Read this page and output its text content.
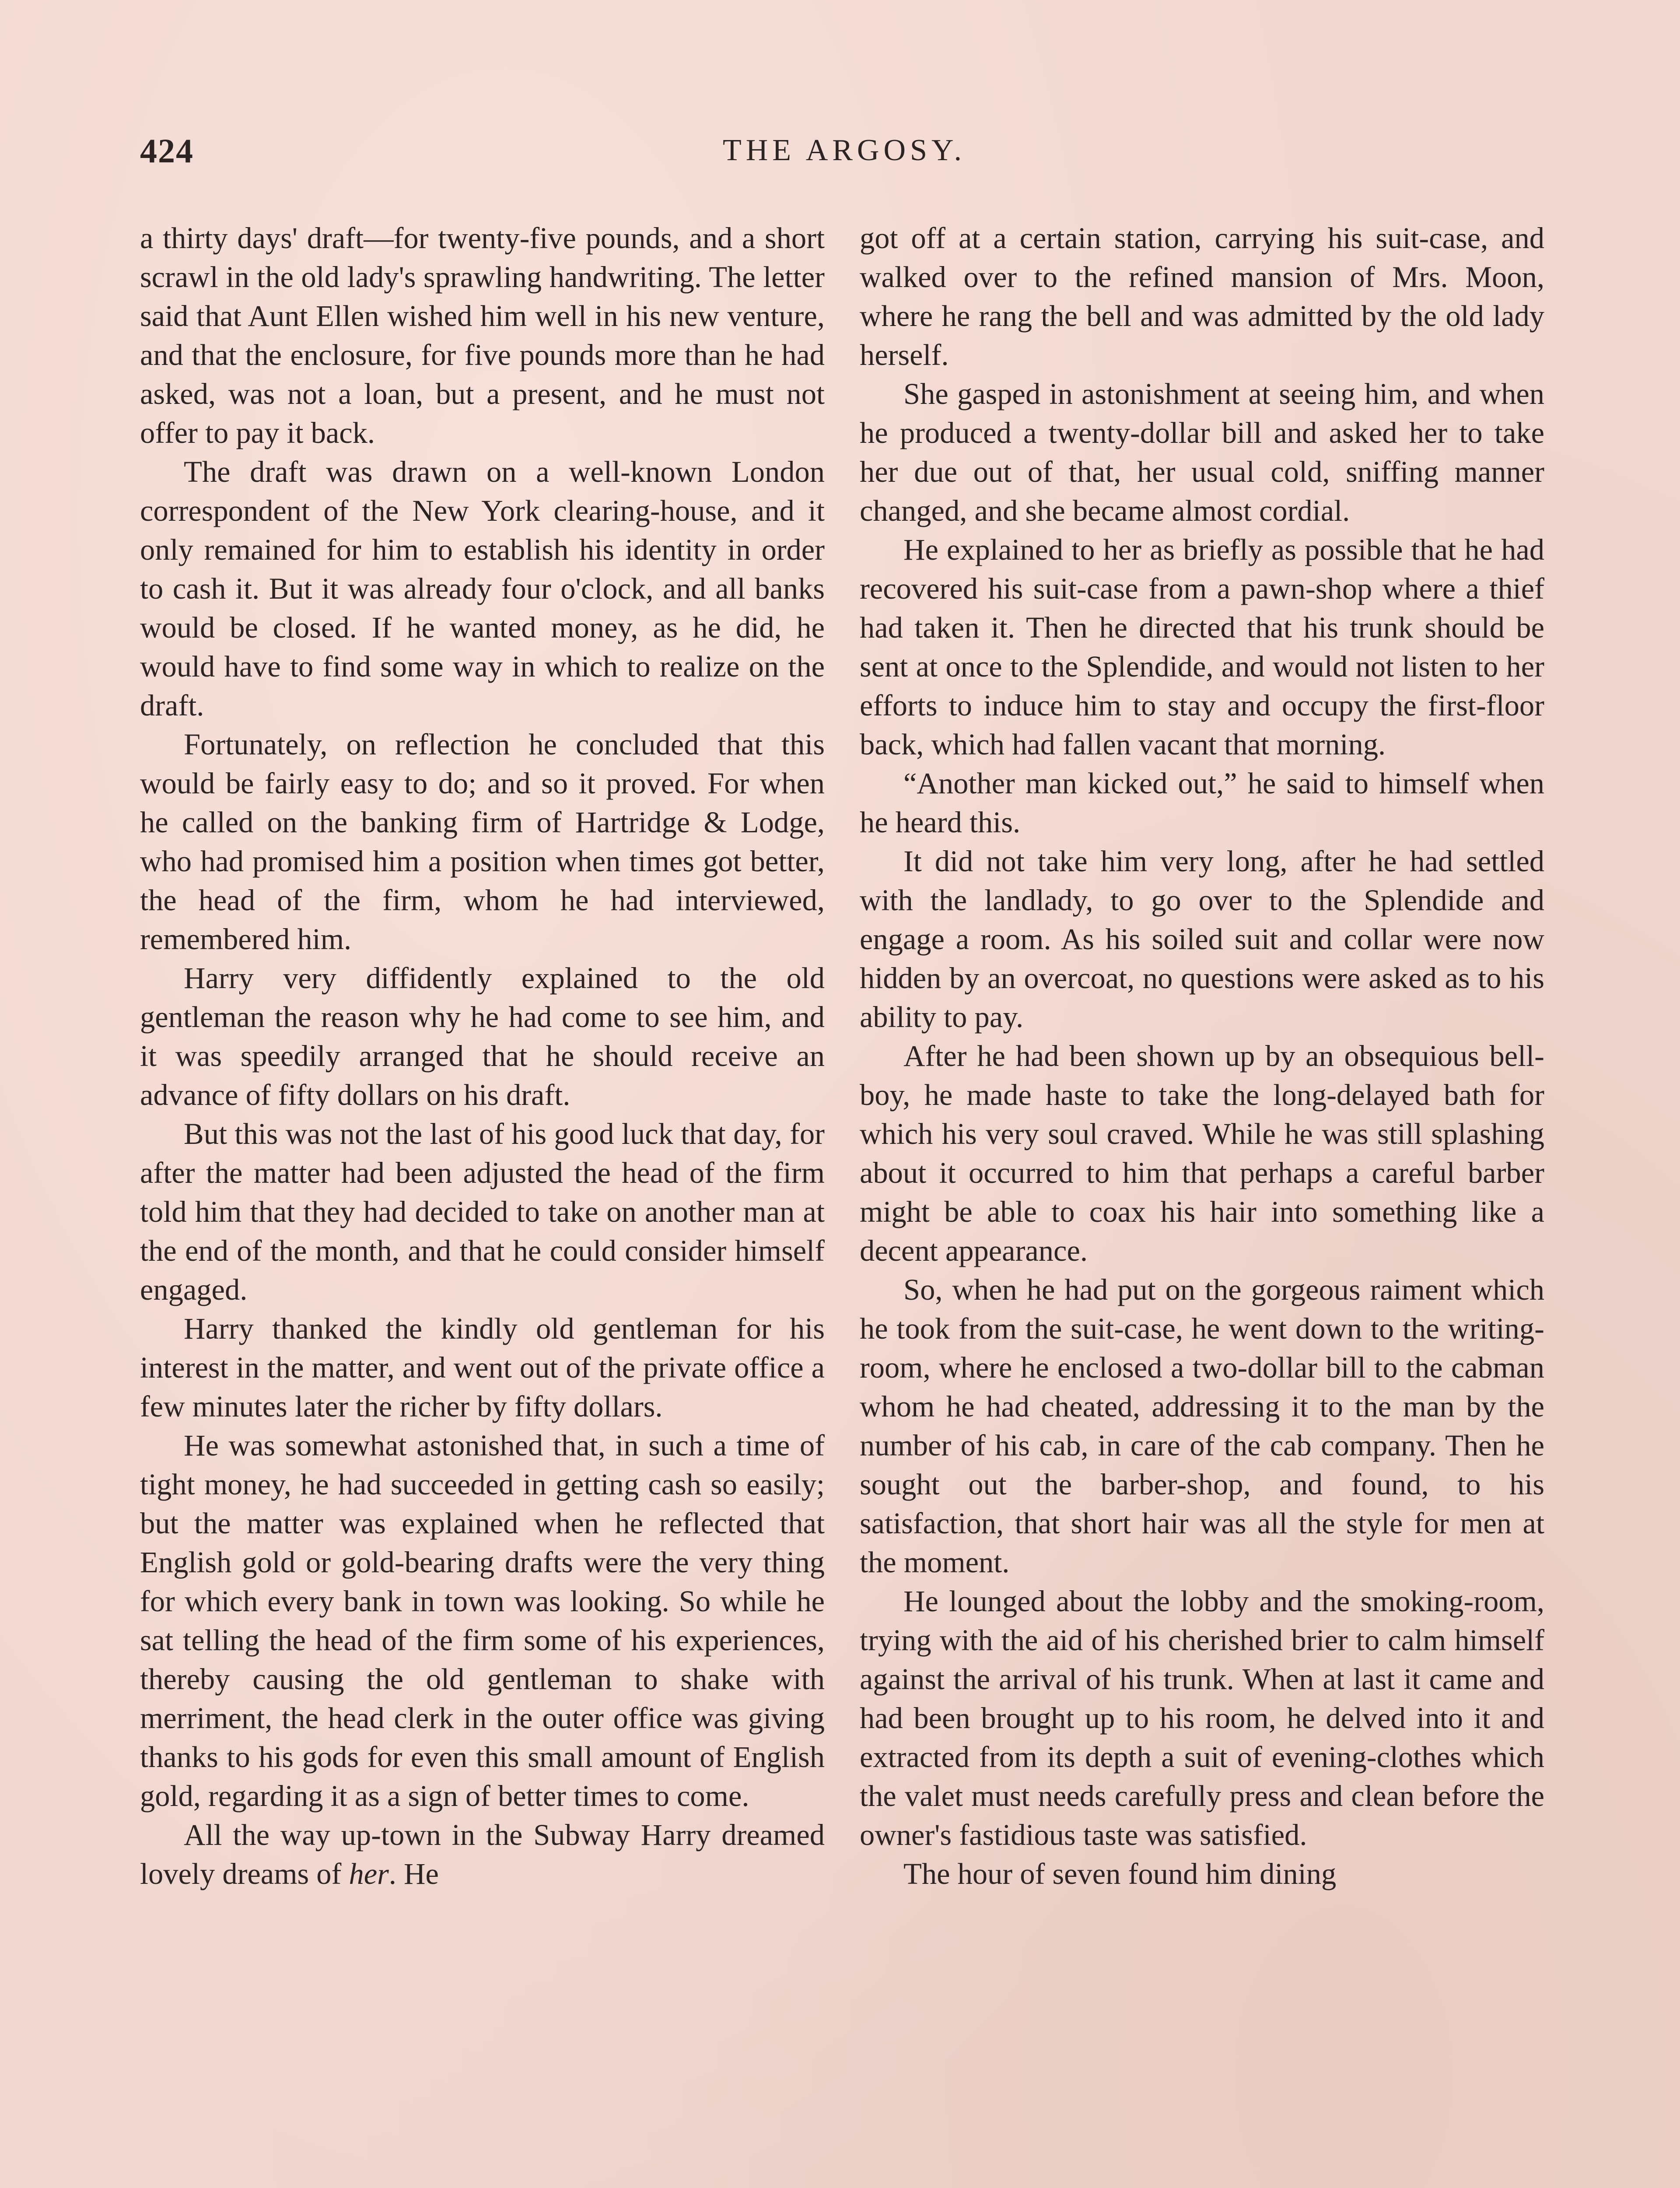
424	THE ARGOSY.

a thirty days' draft—for twenty-five pounds, and a short scrawl in the old lady's sprawling handwriting. The letter said that Aunt Ellen wished him well in his new venture, and that the enclosure, for five pounds more than he had asked, was not a loan, but a present, and he must not offer to pay it back.

The draft was drawn on a well-known London correspondent of the New York clearing-house, and it only remained for him to establish his identity in order to cash it. But it was already four o'clock, and all banks would be closed. If he wanted money, as he did, he would have to find some way in which to realize on the draft.

Fortunately, on reflection he concluded that this would be fairly easy to do; and so it proved. For when he called on the banking firm of Hartridge & Lodge, who had promised him a position when times got better, the head of the firm, whom he had interviewed, remembered him.

Harry very diffidently explained to the old gentleman the reason why he had come to see him, and it was speedily arranged that he should receive an advance of fifty dollars on his draft.

But this was not the last of his good luck that day, for after the matter had been adjusted the head of the firm told him that they had decided to take on another man at the end of the month, and that he could consider himself engaged.

Harry thanked the kindly old gentleman for his interest in the matter, and went out of the private office a few minutes later the richer by fifty dollars.

He was somewhat astonished that, in such a time of tight money, he had succeeded in getting cash so easily; but the matter was explained when he reflected that English gold or gold-bearing drafts were the very thing for which every bank in town was looking. So while he sat telling the head of the firm some of his experiences, thereby causing the old gentleman to shake with merriment, the head clerk in the outer office was giving thanks to his gods for even this small amount of English gold, regarding it as a sign of better times to come.

All the way up-town in the Subway Harry dreamed lovely dreams of her. He

got off at a certain station, carrying his suit-case, and walked over to the refined mansion of Mrs. Moon, where he rang the bell and was admitted by the old lady herself.

She gasped in astonishment at seeing him, and when he produced a twenty-dollar bill and asked her to take her due out of that, her usual cold, sniffing manner changed, and she became almost cordial.

He explained to her as briefly as possible that he had recovered his suit-case from a pawn-shop where a thief had taken it. Then he directed that his trunk should be sent at once to the Splendide, and would not listen to her efforts to induce him to stay and occupy the first-floor back, which had fallen vacant that morning.

“Another man kicked out,” he said to himself when he heard this.

It did not take him very long, after he had settled with the landlady, to go over to the Splendide and engage a room. As his soiled suit and collar were now hidden by an overcoat, no questions were asked as to his ability to pay.

After he had been shown up by an obsequious bell-boy, he made haste to take the long-delayed bath for which his very soul craved. While he was still splashing about it occurred to him that perhaps a careful barber might be able to coax his hair into something like a decent appearance.

So, when he had put on the gorgeous raiment which he took from the suit-case, he went down to the writing-room, where he enclosed a two-dollar bill to the cabman whom he had cheated, addressing it to the man by the number of his cab, in care of the cab company. Then he sought out the barber-shop, and found, to his satisfaction, that short hair was all the style for men at the moment.

He lounged about the lobby and the smoking-room, trying with the aid of his cherished brier to calm himself against the arrival of his trunk. When at last it came and had been brought up to his room, he delved into it and extracted from its depth a suit of evening-clothes which the valet must needs carefully press and clean before the owner's fastidious taste was satisfied.

The hour of seven found him dining
